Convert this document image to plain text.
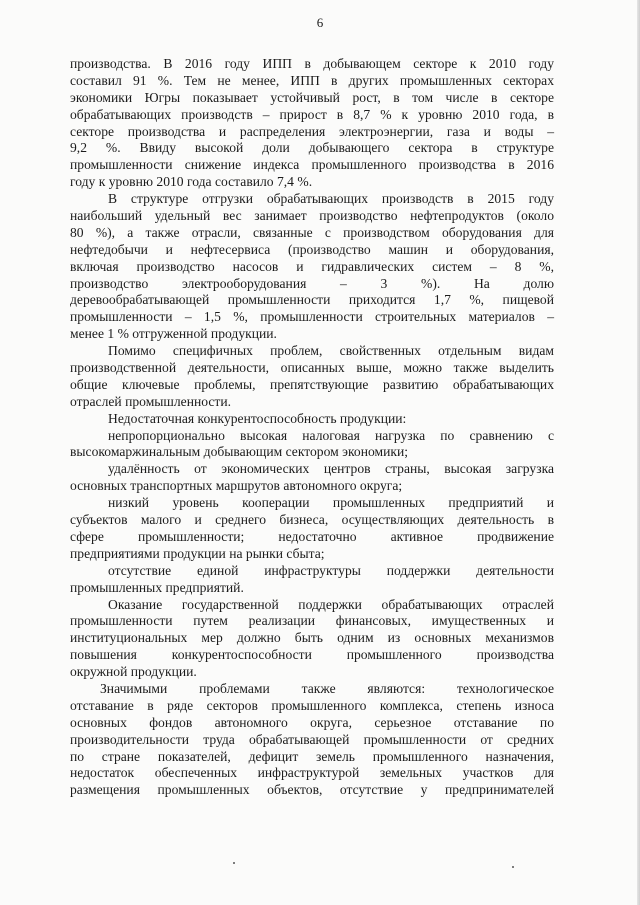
6
производства. В 2016 году ИПП в добывающем секторе к 2010 году
составил 91 %. Тем не менее, ИПП в других промышленных секторах
экономики Югры показывает устойчивый рост, в том числе в секторе
обрабатывающих производств – прирост в 8,7 % к уровню 2010 года, в
секторе производства и распределения электроэнергии, газа и воды –
9,2 %. Ввиду высокой доли добывающего сектора в структуре
промышленности снижение индекса промышленного производства в 2016
году к уровню 2010 года составило 7,4 %.
В структуре отгрузки обрабатывающих производств в 2015 году
наибольший удельный вес занимает производство нефтепродуктов (около
80 %), а также отрасли, связанные с производством оборудования для
нефтедобычи и нефтесервиса (производство машин и оборудования,
включая производство насосов и гидравлических систем – 8 %,
производство электрооборудования – 3 %). На долю
деревообрабатывающей промышленности приходится 1,7 %, пищевой
промышленности – 1,5 %, промышленности строительных материалов –
менее 1 % отгруженной продукции.
Помимо специфичных проблем, свойственных отдельным видам
производственной деятельности, описанных выше, можно также выделить
общие ключевые проблемы, препятствующие развитию обрабатывающих
отраслей промышленности.
Недостаточная конкурентоспособность продукции:
непропорционально высокая налоговая нагрузка по сравнению с
высокомаржинальным добывающим сектором экономики;
удалённость от экономических центров страны, высокая загрузка
основных транспортных маршрутов автономного округа;
низкий уровень кооперации промышленных предприятий и
субъектов малого и среднего бизнеса, осуществляющих деятельность в
сфере промышленности; недостаточно активное продвижение
предприятиями продукции на рынки сбыта;
отсутствие единой инфраструктуры поддержки деятельности
промышленных предприятий.
Оказание государственной поддержки обрабатывающих отраслей
промышленности путем реализации финансовых, имущественных и
институциональных мер должно быть одним из основных механизмов
повышения конкурентоспособности промышленного производства
окружной продукции.
Значимыми проблемами также являются: технологическое
отставание в ряде секторов промышленного комплекса, степень износа
основных фондов автономного округа, серьезное отставание по
производительности труда обрабатывающей промышленности от средних
по стране показателей, дефицит земель промышленного назначения,
недостаток обеспеченных инфраструктурой земельных участков для
размещения промышленных объектов, отсутствие у предпринимателей
